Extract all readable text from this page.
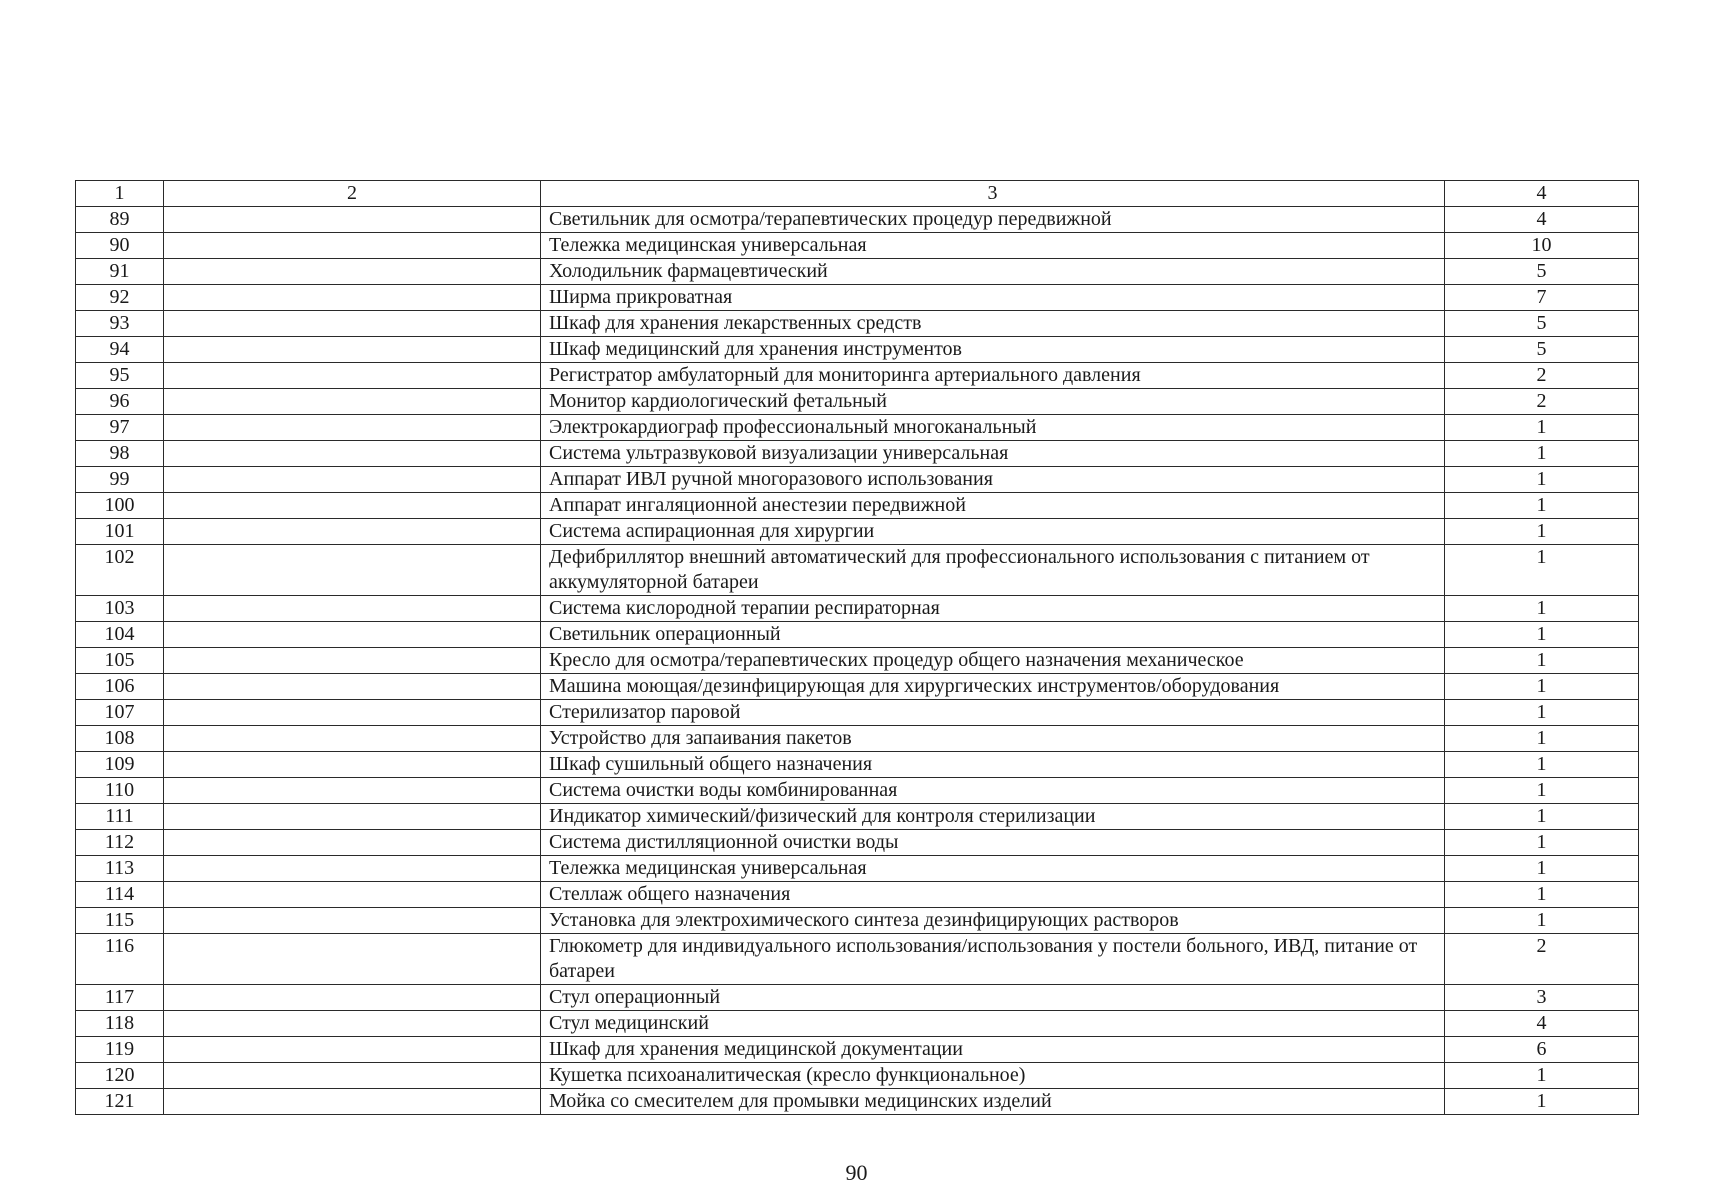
1	2	3	4
89		Светильник для осмотра/терапевтических процедур передвижной	4
90		Тележка медицинская универсальная	10
91		Холодильник фармацевтический	5
92		Ширма прикроватная	7
93		Шкаф для хранения лекарственных средств	5
94		Шкаф медицинский для хранения инструментов	5
95		Регистратор амбулаторный для мониторинга артериального давления	2
96		Монитор кардиологический фетальный	2
97		Электрокардиограф профессиональный многоканальный	1
98		Система ультразвуковой визуализации универсальная	1
99		Аппарат ИВЛ ручной многоразового использования	1
100		Аппарат ингаляционной анестезии передвижной	1
101		Система аспирационная для хирургии	1
102		Дефибриллятор внешний автоматический для профессионального использования с питанием от аккумуляторной батареи	1
103		Система кислородной терапии респираторная	1
104		Светильник операционный	1
105		Кресло для осмотра/терапевтических процедур общего назначения механическое	1
106		Машина моющая/дезинфицирующая для хирургических инструментов/оборудования	1
107		Стерилизатор паровой	1
108		Устройство для запаивания пакетов	1
109		Шкаф сушильный общего назначения	1
110		Система очистки воды комбинированная	1
111		Индикатор химический/физический для контроля стерилизации	1
112		Система дистилляционной очистки воды	1
113		Тележка медицинская универсальная	1
114		Стеллаж общего назначения	1
115		Установка для электрохимического синтеза дезинфицирующих растворов	1
116		Глюкометр для индивидуального использования/использования у постели больного, ИВД, питание от батареи	2
117		Стул операционный	3
118		Стул медицинский	4
119		Шкаф для хранения медицинской документации	6
120		Кушетка психоаналитическая (кресло функциональное)	1
121		Мойка со смесителем для промывки медицинских изделий	1
90
